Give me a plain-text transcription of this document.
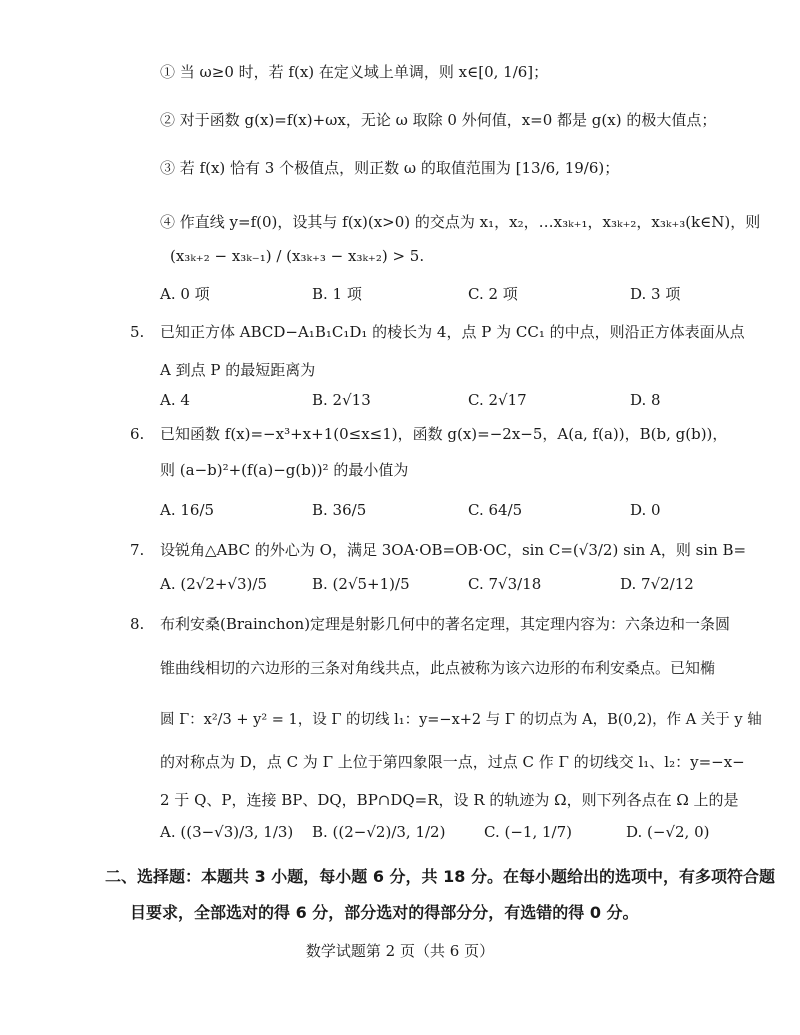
① 当 ω≥0 时，若 f(x) 在定义域上单调，则 x∈[0, 1/6]；
② 对于函数 g(x)=f(x)+ωx，无论 ω 取除 0 外何值，x=0 都是 g(x) 的极大值点；
③ 若 f(x) 恰有 3 个极值点，则正数 ω 的取值范围为 [13/6, 19/6)；
④ 作直线 y=f(0)，设其与 f(x)(x>0) 的交点为 x₁，x₂，…x₃ₖ₊₁，x₃ₖ₊₂，x₃ₖ₊₃(k∈N)，则
(x₃ₖ₊₂ − x₃ₖ₋₁) / (x₃ₖ₊₃ − x₃ₖ₊₂) > 5.
A. 0 项	B. 1 项	C. 2 项	D. 3 项
5. 已知正方体 ABCD−A₁B₁C₁D₁ 的棱长为 4，点 P 为 CC₁ 的中点，则沿正方体表面从点
A 到点 P 的最短距离为
A. 4	B. 2√13	C. 2√17	D. 8
6. 已知函数 f(x)=−x³+x+1(0≤x≤1)，函数 g(x)=−2x−5，A(a, f(a))，B(b, g(b))，
则 (a−b)²+(f(a)−g(b))² 的最小值为
A. 16/5	B. 36/5	C. 64/5	D. 0
7. 设锐角△ABC 的外心为 O，满足 3OA·OB=OB·OC，sin C=(√3/2) sin A，则 sin B=
A. (2√2+√3)/5	B. (2√5+1)/5	C. 7√3/18	D. 7√2/12
8. 布利安桑(Brainchon)定理是射影几何中的著名定理，其定理内容为：六条边和一条圆
锥曲线相切的六边形的三条对角线共点，此点被称为该六边形的布利安桑点。已知椭
圆 Γ：x²/3 + y² = 1，设 Γ 的切线 l₁：y=−x+2 与 Γ 的切点为 A，B(0,2)，作 A 关于 y 轴
的对称点为 D，点 C 为 Γ 上位于第四象限一点，过点 C 作 Γ 的切线交 l₁、l₂：y=−x−
2 于 Q、P，连接 BP、DQ，BP∩DQ=R，设 R 的轨迹为 Ω，则下列各点在 Ω 上的是
A. ((3−√3)/3, 1/3) B. ((2−√2)/3, 1/2)	C. (−1, 1/7)	D. (−√2, 0)
二、选择题：本题共 3 小题，每小题 6 分，共 18 分。在每小题给出的选项中，有多项符合题
目要求，全部选对的得 6 分，部分选对的得部分分，有选错的得 0 分。
数学试题第 2 页（共 6 页）
